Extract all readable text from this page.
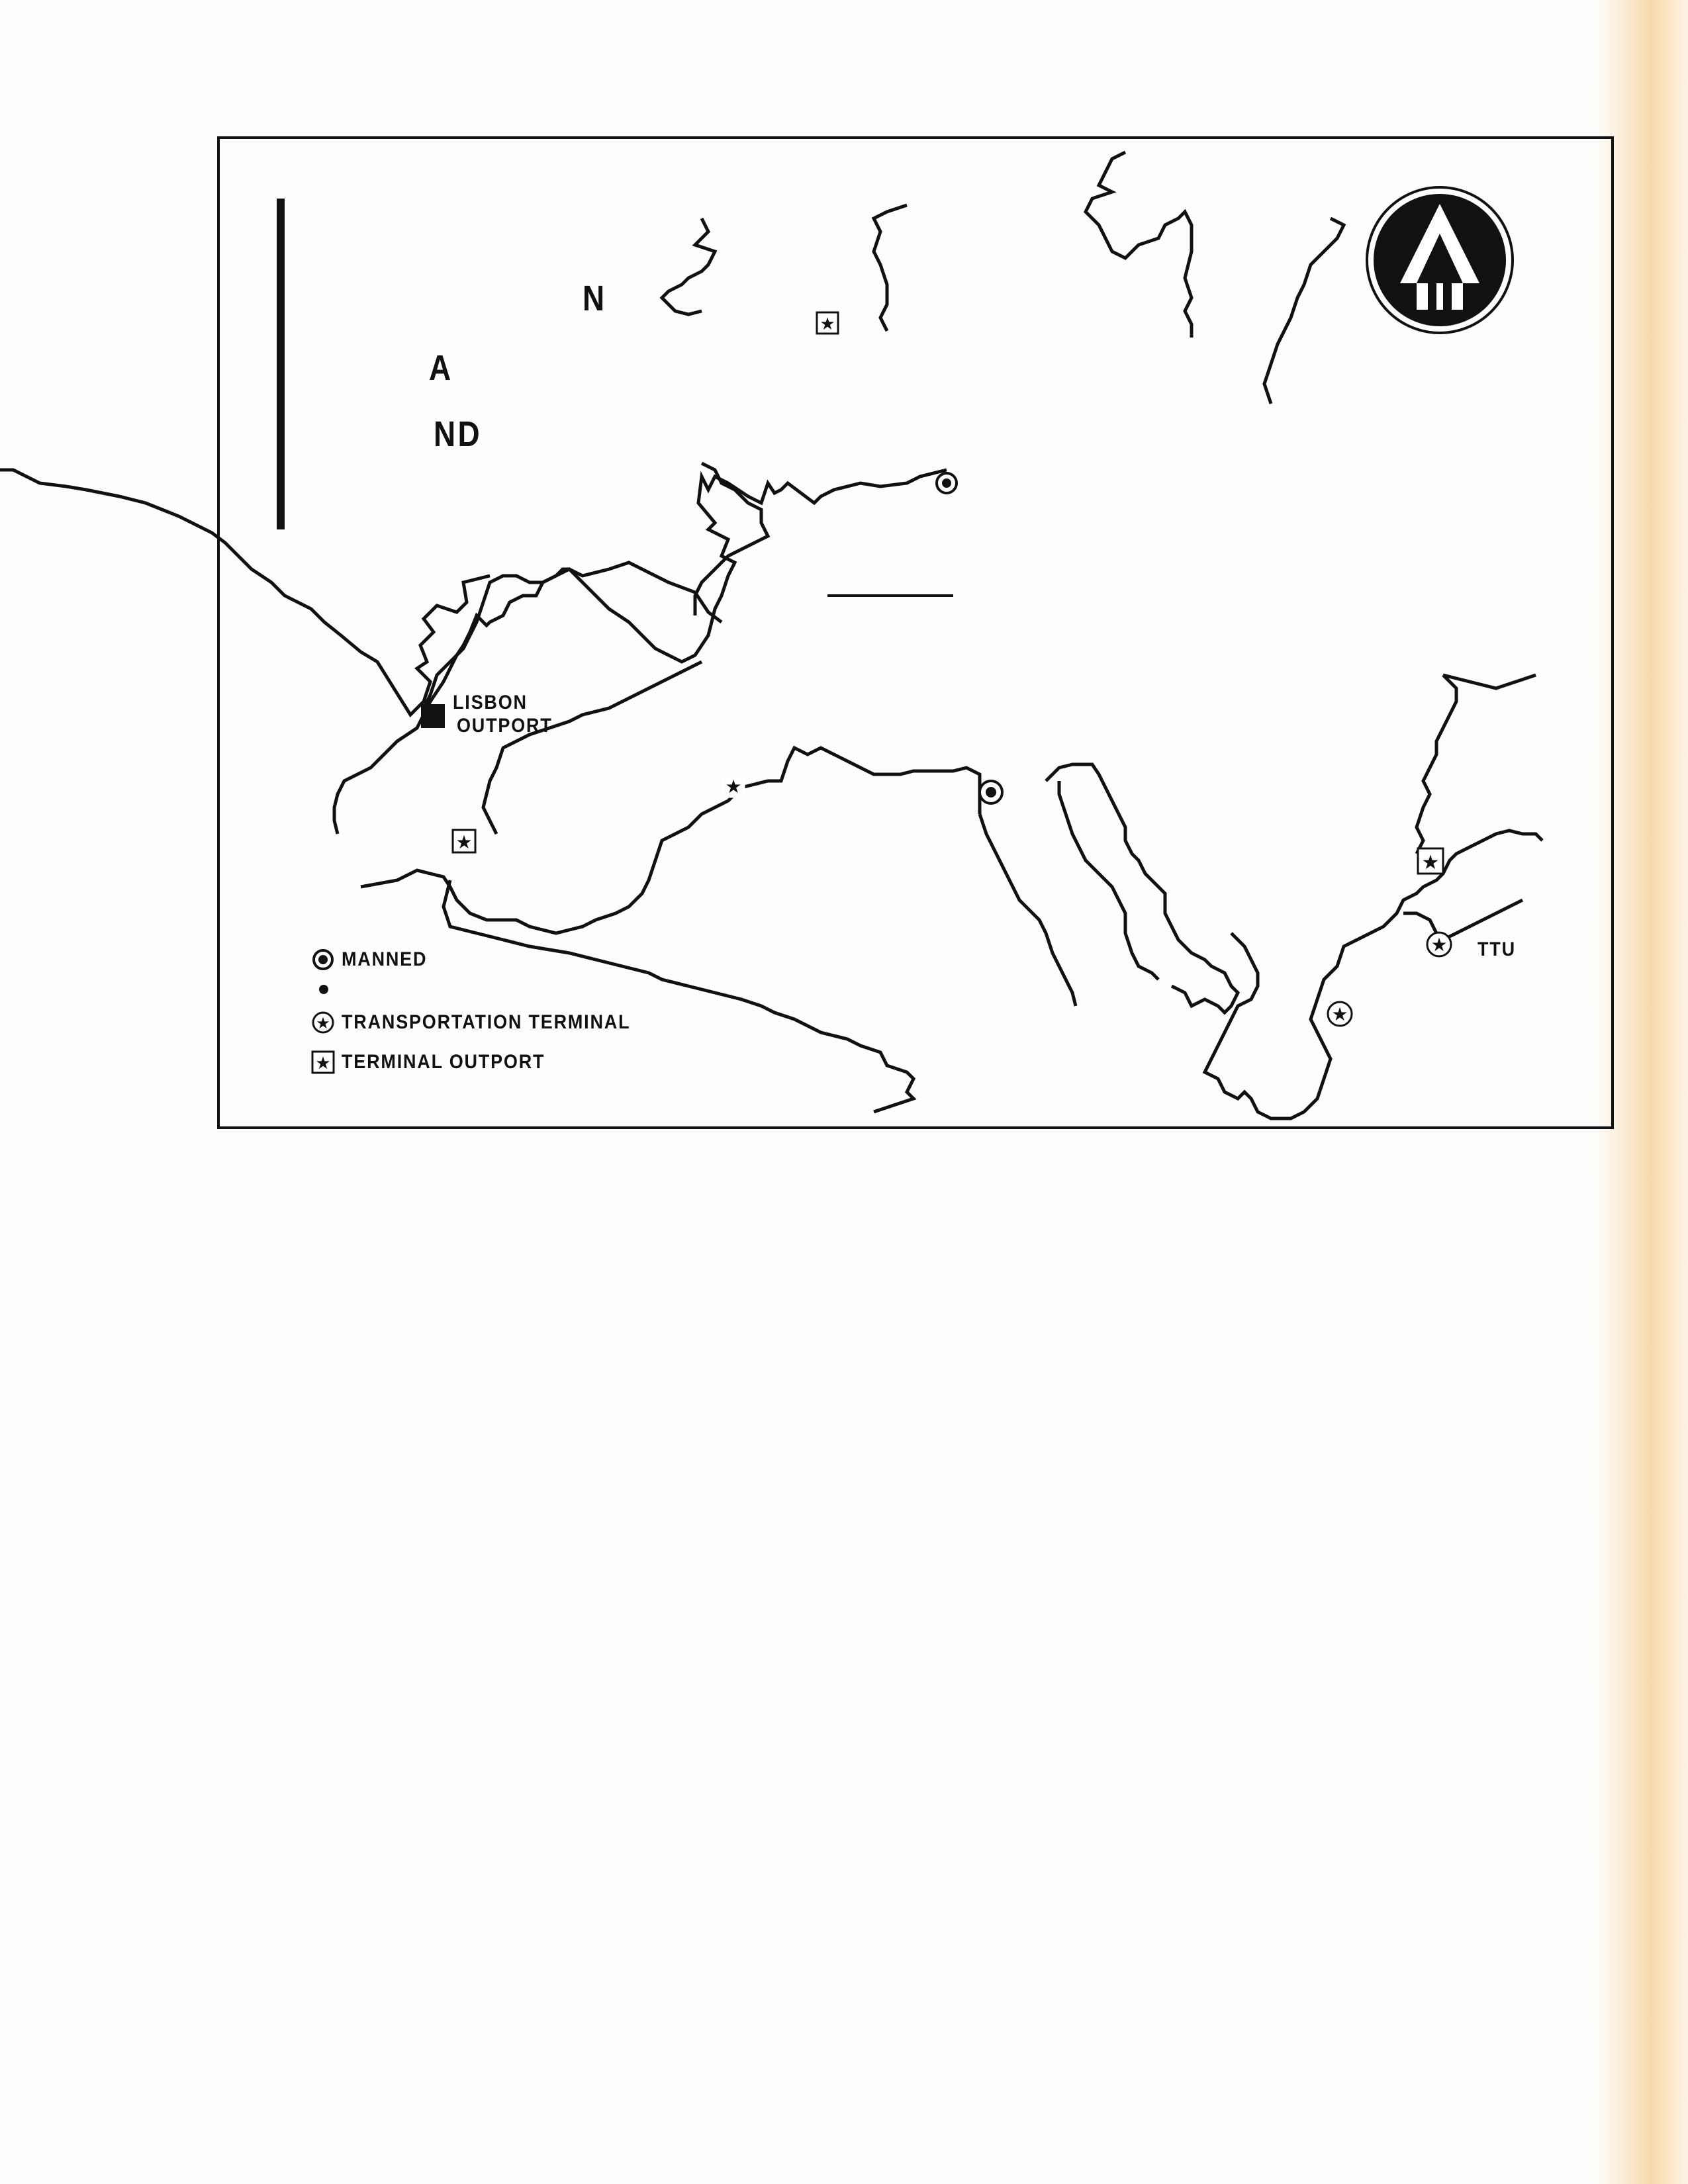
N
A
ND
★
LISBON
OUTPORT
★
★
★
★ TTU
★
MANNED
★ TRANSPORTATION TERMINAL
★ TERMINAL OUTPORT
